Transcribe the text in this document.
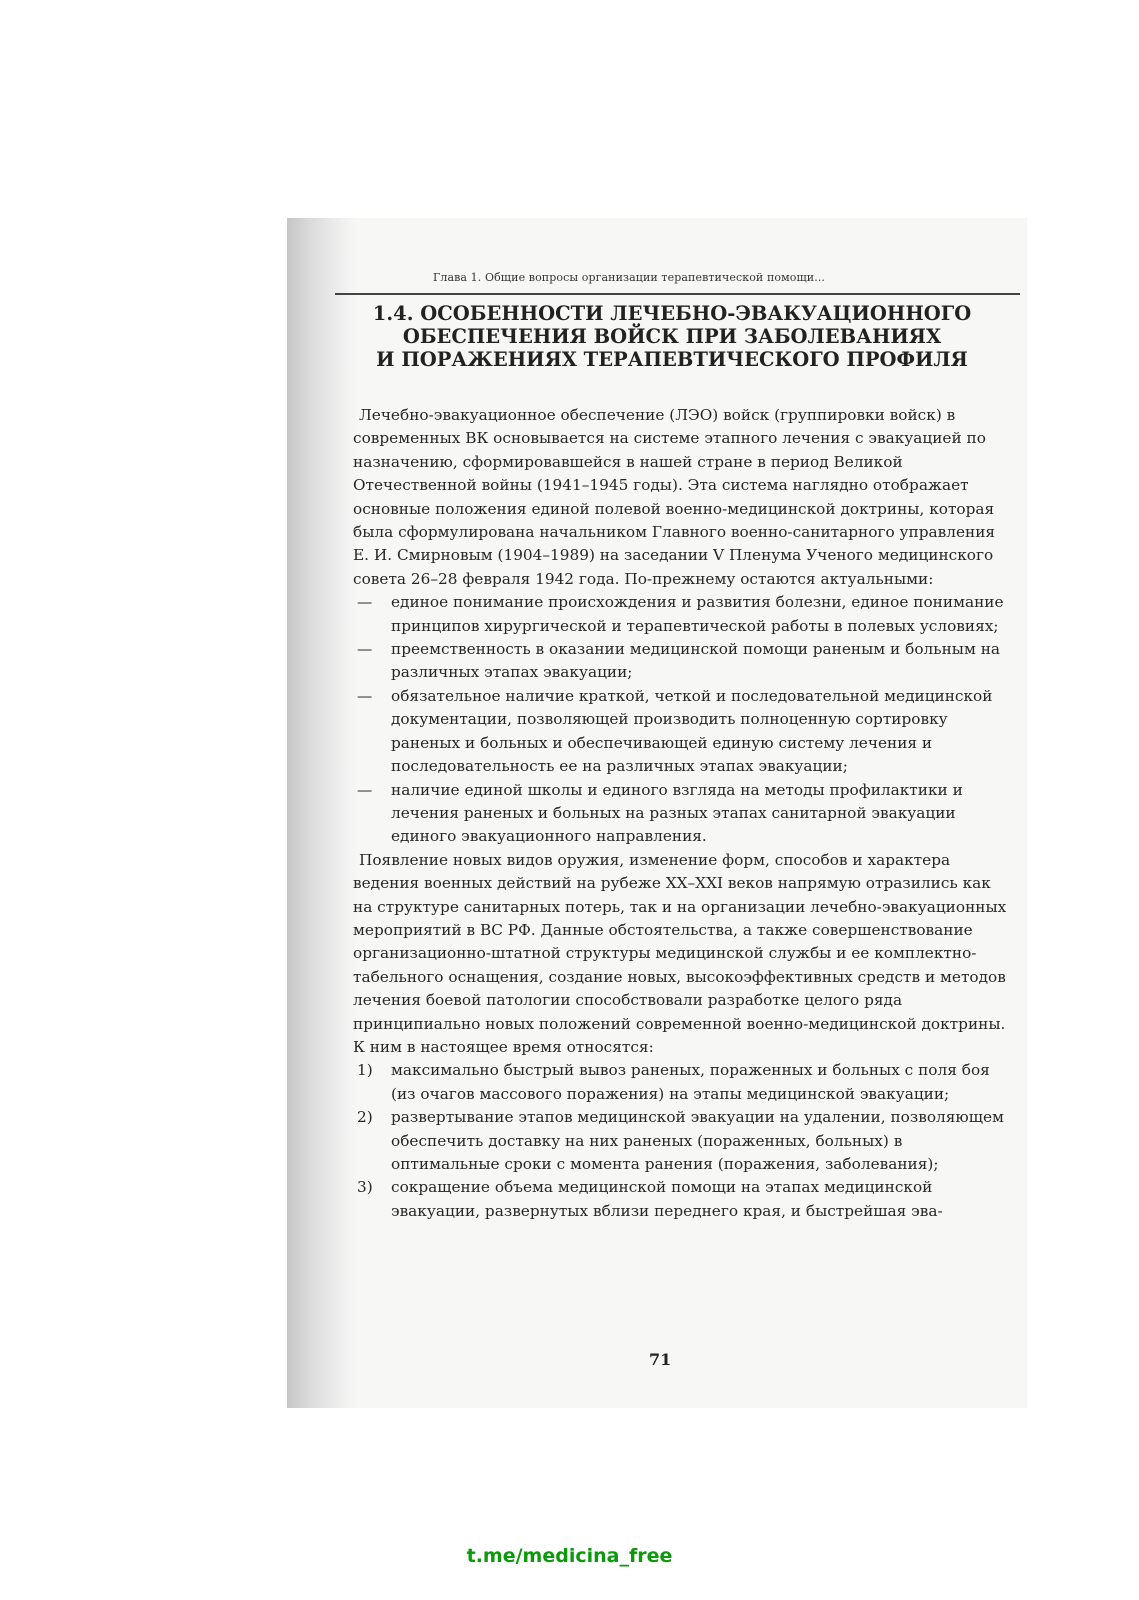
Глава 1. Общие вопросы организации терапевтической помощи...
1.4. ОСОБЕННОСТИ ЛЕЧЕБНО-ЭВАКУАЦИОННОГО
ОБЕСПЕЧЕНИЯ ВОЙСК ПРИ ЗАБОЛЕВАНИЯХ
И ПОРАЖЕНИЯХ ТЕРАПЕВТИЧЕСКОГО ПРОФИЛЯ

Лечебно-эвакуационное обеспечение (ЛЭО) войск (группировки войск) в современных ВК основывается на системе этапного лечения с эвакуацией по назначению, сформировавшейся в нашей стране в период Великой Отечественной войны (1941–1945 годы). Эта система наглядно отображает основные положения единой полевой военно-медицинской доктрины, которая была сформулирована начальником Главного военно-санитарного управления Е. И. Смирновым (1904–1989) на заседании V Пленума Ученого медицинского совета 26–28 февраля 1942 года. По-прежнему остаются актуальными:

— единое понимание происхождения и развития болезни, единое понимание принципов хирургической и терапевтической работы в полевых условиях;
— преемственность в оказании медицинской помощи раненым и больным на различных этапах эвакуации;
— обязательное наличие краткой, четкой и последовательной медицинской документации, позволяющей производить полноценную сортировку раненых и больных и обеспечивающей единую систему лечения и последовательность ее на различных этапах эвакуации;
— наличие единой школы и единого взгляда на методы профилактики и лечения раненых и больных на разных этапах санитарной эвакуации единого эвакуационного направления.

Появление новых видов оружия, изменение форм, способов и характера ведения военных действий на рубеже XX–XXI веков напрямую отразились как на структуре санитарных потерь, так и на организации лечебно-эвакуационных мероприятий в ВС РФ. Данные обстоятельства, а также совершенствование организационно-штатной структуры медицинской службы и ее комплектно-табельного оснащения, создание новых, высокоэффективных средств и методов лечения боевой патологии способствовали разработке целого ряда принципиально новых положений современной военно-медицинской доктрины. К ним в настоящее время относятся:

1) максимально быстрый вывоз раненых, пораженных и больных с поля боя (из очагов массового поражения) на этапы медицинской эвакуации;
2) развертывание этапов медицинской эвакуации на удалении, позволяющем обеспечить доставку на них раненых (пораженных, больных) в оптимальные сроки с момента ранения (поражения, заболевания);
3) сокращение объема медицинской помощи на этапах медицинской эвакуации, развернутых вблизи переднего края, и быстрейшая эва-
71
t.me/medicina_free
